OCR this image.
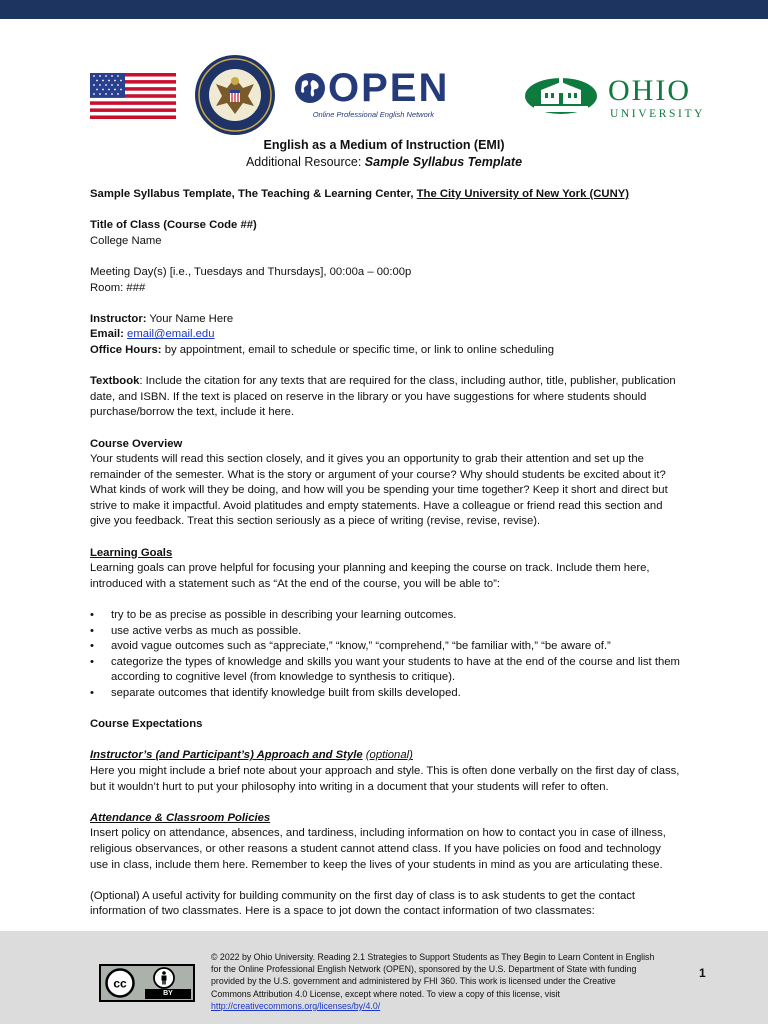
OPEN
Online Professional English Network
OHIO
UNIVERSITY
English as a Medium of Instruction (EMI)
Additional Resource: Sample Syllabus Template

Sample Syllabus Template, The Teaching & Learning Center, The City University of New York (CUNY)

Title of Class (Course Code ##)

College Name

Meeting Day(s) [i.e., Tuesdays and Thursdays], 00:00a – 00:00p

Room: ###

Instructor: Your Name Here

Email: email@email.edu

Office Hours: by appointment, email to schedule or specific time, or link to online scheduling

Textbook: Include the citation for any texts that are required for the class, including author, title, publisher, publication date, and ISBN. If the text is placed on reserve in the library or you have suggestions for where students should purchase/borrow the text, include it here.

Course Overview

Your students will read this section closely, and it gives you an opportunity to grab their attention and set up the remainder of the semester. What is the story or argument of your course? Why should students be excited about it? What kinds of work will they be doing, and how will you be spending your time together? Keep it short and direct but strive to make it impactful. Avoid platitudes and empty statements. Have a colleague or friend read this section and give you feedback. Treat this section seriously as a piece of writing (revise, revise, revise).

Learning Goals

Learning goals can prove helpful for focusing your planning and keeping the course on track. Include them here, introduced with a statement such as “At the end of the course, you will be able to”:

• try to be as precise as possible in describing your learning outcomes.
• use active verbs as much as possible.
• avoid vague outcomes such as “appreciate,” “know,” “comprehend,” “be familiar with,” “be aware of.”
• categorize the types of knowledge and skills you want your students to have at the end of the course and list them according to cognitive level (from knowledge to synthesis to critique).
• separate outcomes that identify knowledge built from skills developed.

Course Expectations

Instructor’s (and Participant’s) Approach and Style (optional)

Here you might include a brief note about your approach and style. This is often done verbally on the first day of class, but it wouldn’t hurt to put your philosophy into writing in a document that your students will refer to often.

Attendance & Classroom Policies

Insert policy on attendance, absences, and tardiness, including information on how to contact you in case of illness, religious observances, or other reasons a student cannot attend class. If you have policies on food and technology use in class, include them here. Remember to keep the lives of your students in mind as you are articulating these.

(Optional) A useful activity for building community on the first day of class is to ask students to get the contact information of two classmates. Here is a space to jot down the contact information of two classmates:

cc
BY
© 2022 by Ohio University. Reading 2.1 Strategies to Support Students as They Begin to Learn Content in English for the Online Professional English Network (OPEN), sponsored by the U.S. Department of State with funding provided by the U.S. government and administered by FHI 360. This work is licensed under the Creative Commons Attribution 4.0 License, except where noted. To view a copy of this license, visit http://creativecommons.org/licenses/by/4.0/
1
